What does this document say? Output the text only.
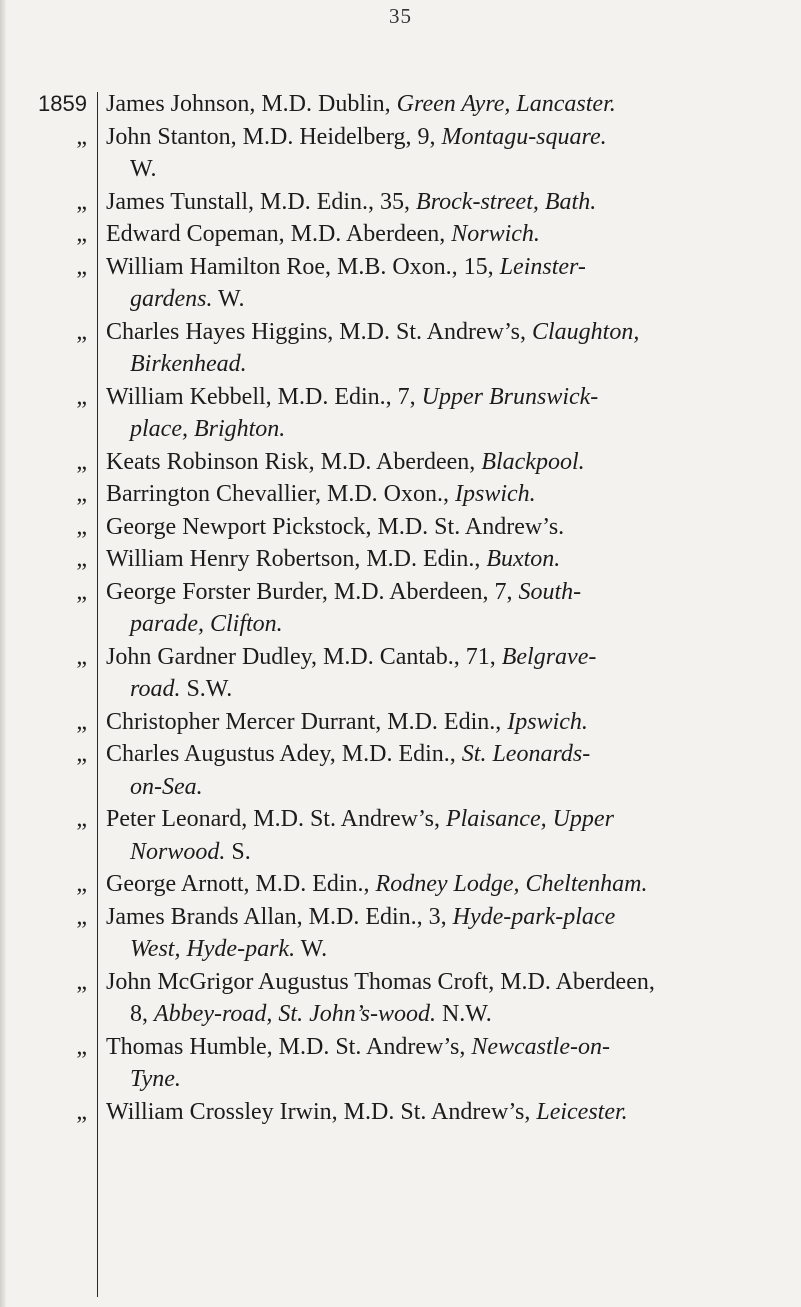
35
1859 James Johnson, M.D. Dublin, Green Ayre, Lancaster.
„ John Stanton, M.D. Heidelberg, 9, Montagu-square.
W.
„ James Tunstall, M.D. Edin., 35, Brock-street, Bath.
„ Edward Copeman, M.D. Aberdeen, Norwich.
„ William Hamilton Roe, M.B. Oxon., 15, Leinster-
gardens. W.
„ Charles Hayes Higgins, M.D. St. Andrew’s, Claughton,
Birkenhead.
„ William Kebbell, M.D. Edin., 7, Upper Brunswick-
place, Brighton.
„ Keats Robinson Risk, M.D. Aberdeen, Blackpool.
„ Barrington Chevallier, M.D. Oxon., Ipswich.
„ George Newport Pickstock, M.D. St. Andrew’s.
„ William Henry Robertson, M.D. Edin., Buxton.
„ George Forster Burder, M.D. Aberdeen, 7, South-
parade, Clifton.
„ John Gardner Dudley, M.D. Cantab., 71, Belgrave-
road. S.W.
„ Christopher Mercer Durrant, M.D. Edin., Ipswich.
„ Charles Augustus Adey, M.D. Edin., St. Leonards-
on-Sea.
„ Peter Leonard, M.D. St. Andrew’s, Plaisance, Upper
Norwood. S.
„ George Arnott, M.D. Edin., Rodney Lodge, Cheltenham.
„ James Brands Allan, M.D. Edin., 3, Hyde-park-place
West, Hyde-park. W.
„ John McGrigor Augustus Thomas Croft, M.D. Aberdeen,
8, Abbey-road, St. John’s-wood. N.W.
„ Thomas Humble, M.D. St. Andrew’s, Newcastle-on-
Tyne.
„ William Crossley Irwin, M.D. St. Andrew’s, Leicester.
